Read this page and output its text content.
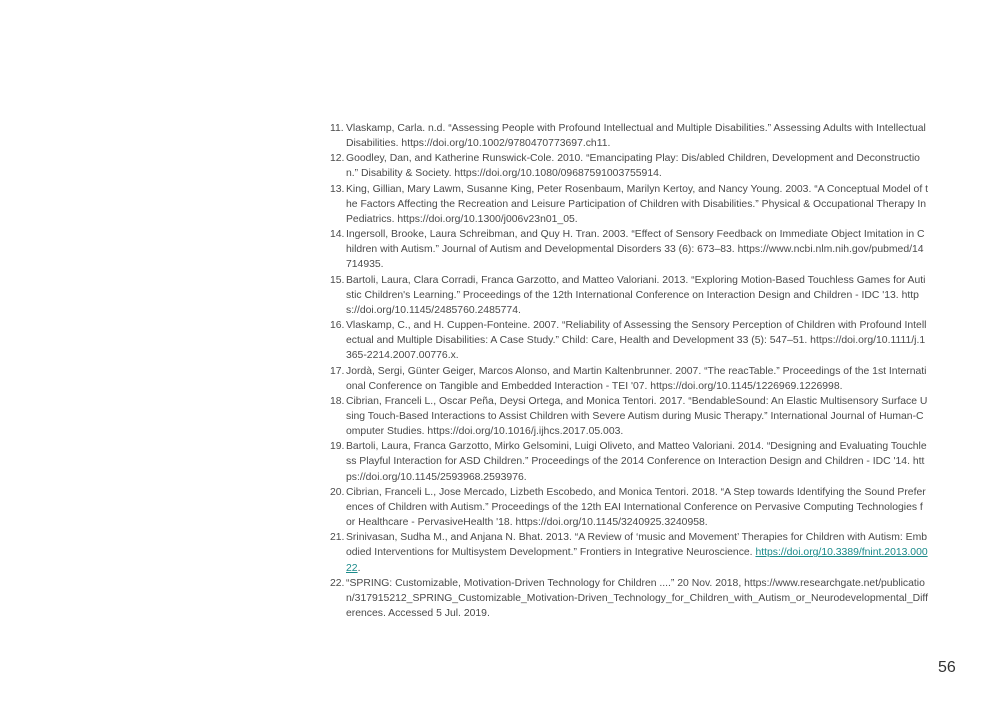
11. Vlaskamp, Carla. n.d. “Assessing People with Profound Intellectual and Multiple Disabilities.” Assessing Adults with Intellectual Disabilities. https://doi.org/10.1002/9780470773697.ch11.
12. Goodley, Dan, and Katherine Runswick-Cole. 2010. “Emancipating Play: Dis/abled Children, Development and Deconstruction.” Disability & Society. https://doi.org/10.1080/09687591003755914.
13. King, Gillian, Mary Lawm, Susanne King, Peter Rosenbaum, Marilyn Kertoy, and Nancy Young. 2003. “A Conceptual Model of the Factors Affecting the Recreation and Leisure Participation of Children with Disabilities.” Physical & Occupational Therapy In Pediatrics. https://doi.org/10.1300/j006v23n01_05.
14. Ingersoll, Brooke, Laura Schreibman, and Quy H. Tran. 2003. “Effect of Sensory Feedback on Immediate Object Imitation in Children with Autism.” Journal of Autism and Developmental Disorders 33 (6): 673–83. https://www.ncbi.nlm.nih.gov/pubmed/14714935.
15. Bartoli, Laura, Clara Corradi, Franca Garzotto, and Matteo Valoriani. 2013. “Exploring Motion-Based Touchless Games for Autistic Children's Learning.” Proceedings of the 12th International Conference on Interaction Design and Children - IDC '13. https://doi.org/10.1145/2485760.2485774.
16. Vlaskamp, C., and H. Cuppen-Fonteine. 2007. “Reliability of Assessing the Sensory Perception of Children with Profound Intellectual and Multiple Disabilities: A Case Study.” Child: Care, Health and Development 33 (5): 547–51. https://doi.org/10.1111/j.1365-2214.2007.00776.x.
17. Jordà, Sergi, Günter Geiger, Marcos Alonso, and Martin Kaltenbrunner. 2007. “The reacTable.” Proceedings of the 1st International Conference on Tangible and Embedded Interaction - TEI '07. https://doi.org/10.1145/1226969.1226998.
18. Cibrian, Franceli L., Oscar Peña, Deysi Ortega, and Monica Tentori. 2017. “BendableSound: An Elastic Multisensory Surface Using Touch-Based Interactions to Assist Children with Severe Autism during Music Therapy.” International Journal of Human-Computer Studies. https://doi.org/10.1016/j.ijhcs.2017.05.003.
19. Bartoli, Laura, Franca Garzotto, Mirko Gelsomini, Luigi Oliveto, and Matteo Valoriani. 2014. “Designing and Evaluating Touchless Playful Interaction for ASD Children.” Proceedings of the 2014 Conference on Interaction Design and Children - IDC '14. https://doi.org/10.1145/2593968.2593976.
20. Cibrian, Franceli L., Jose Mercado, Lizbeth Escobedo, and Monica Tentori. 2018. “A Step towards Identifying the Sound Preferences of Children with Autism.” Proceedings of the 12th EAI International Conference on Pervasive Computing Technologies for Healthcare - PervasiveHealth '18. https://doi.org/10.1145/3240925.3240958.
21. Srinivasan, Sudha M., and Anjana N. Bhat. 2013. “A Review of ‘music and Movement’ Therapies for Children with Autism: Embodied Interventions for Multisystem Development.” Frontiers in Integrative Neuroscience. https://doi.org/10.3389/fnint.2013.00022.
22. “SPRING: Customizable, Motivation-Driven Technology for Children ....” 20 Nov. 2018, https://www.researchgate.net/publication/317915212_SPRING_Customizable_Motivation-Driven_Technology_for_Children_with_Autism_or_Neurodevelopmental_Differences. Accessed 5 Jul. 2019.
56
